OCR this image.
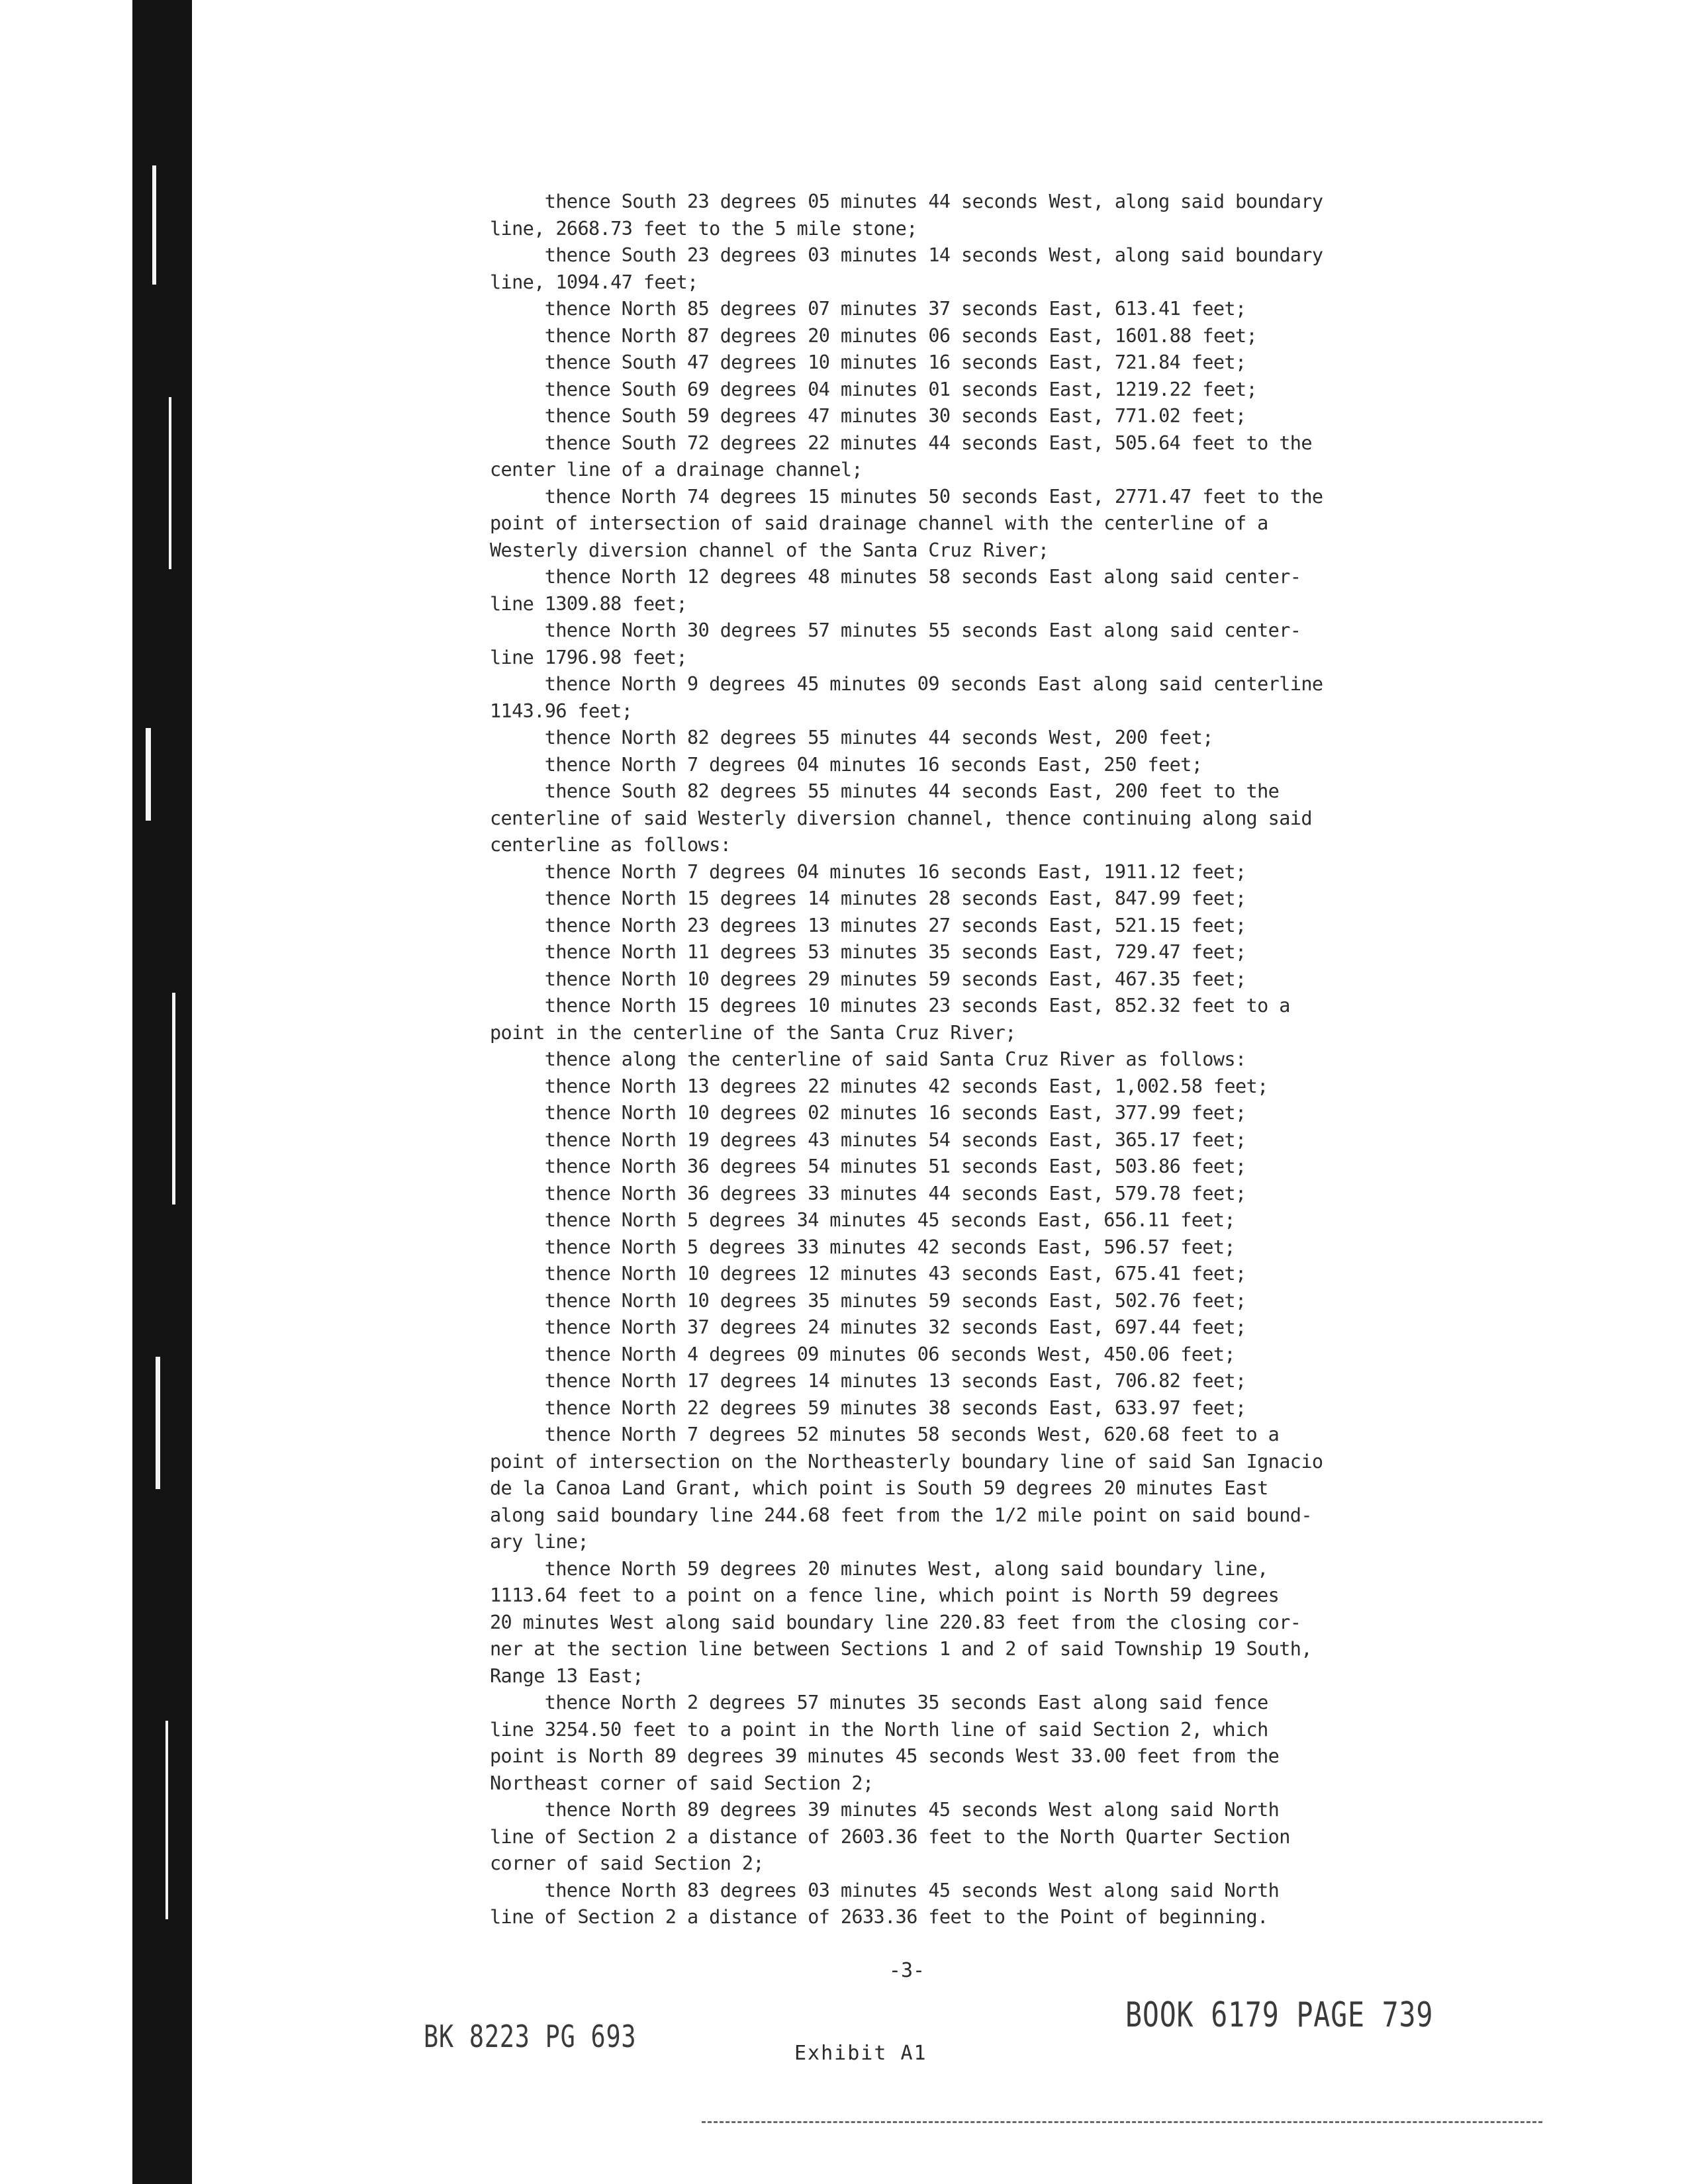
thence South 23 degrees 05 minutes 44 seconds West, along said boundary
line, 2668.73 feet to the 5 mile stone;
thence South 23 degrees 03 minutes 14 seconds West, along said boundary
line, 1094.47 feet;
thence North 85 degrees 07 minutes 37 seconds East, 613.41 feet;
thence North 87 degrees 20 minutes 06 seconds East, 1601.88 feet;
thence South 47 degrees 10 minutes 16 seconds East, 721.84 feet;
thence South 69 degrees 04 minutes 01 seconds East, 1219.22 feet;
thence South 59 degrees 47 minutes 30 seconds East, 771.02 feet;
thence South 72 degrees 22 minutes 44 seconds East, 505.64 feet to the
center line of a drainage channel;
thence North 74 degrees 15 minutes 50 seconds East, 2771.47 feet to the
point of intersection of said drainage channel with the centerline of a
Westerly diversion channel of the Santa Cruz River;
thence North 12 degrees 48 minutes 58 seconds East along said center-
line 1309.88 feet;
thence North 30 degrees 57 minutes 55 seconds East along said center-
line 1796.98 feet;
thence North 9 degrees 45 minutes 09 seconds East along said centerline
1143.96 feet;
thence North 82 degrees 55 minutes 44 seconds West, 200 feet;
thence North 7 degrees 04 minutes 16 seconds East, 250 feet;
thence South 82 degrees 55 minutes 44 seconds East, 200 feet to the
centerline of said Westerly diversion channel, thence continuing along said
centerline as follows:
thence North 7 degrees 04 minutes 16 seconds East, 1911.12 feet;
thence North 15 degrees 14 minutes 28 seconds East, 847.99 feet;
thence North 23 degrees 13 minutes 27 seconds East, 521.15 feet;
thence North 11 degrees 53 minutes 35 seconds East, 729.47 feet;
thence North 10 degrees 29 minutes 59 seconds East, 467.35 feet;
thence North 15 degrees 10 minutes 23 seconds East, 852.32 feet to a
point in the centerline of the Santa Cruz River;
thence along the centerline of said Santa Cruz River as follows:
thence North 13 degrees 22 minutes 42 seconds East, 1,002.58 feet;
thence North 10 degrees 02 minutes 16 seconds East, 377.99 feet;
thence North 19 degrees 43 minutes 54 seconds East, 365.17 feet;
thence North 36 degrees 54 minutes 51 seconds East, 503.86 feet;
thence North 36 degrees 33 minutes 44 seconds East, 579.78 feet;
thence North 5 degrees 34 minutes 45 seconds East, 656.11 feet;
thence North 5 degrees 33 minutes 42 seconds East, 596.57 feet;
thence North 10 degrees 12 minutes 43 seconds East, 675.41 feet;
thence North 10 degrees 35 minutes 59 seconds East, 502.76 feet;
thence North 37 degrees 24 minutes 32 seconds East, 697.44 feet;
thence North 4 degrees 09 minutes 06 seconds West, 450.06 feet;
thence North 17 degrees 14 minutes 13 seconds East, 706.82 feet;
thence North 22 degrees 59 minutes 38 seconds East, 633.97 feet;
thence North 7 degrees 52 minutes 58 seconds West, 620.68 feet to a
point of intersection on the Northeasterly boundary line of said San Ignacio
de la Canoa Land Grant, which point is South 59 degrees 20 minutes East
along said boundary line 244.68 feet from the 1/2 mile point on said bound-
ary line;
thence North 59 degrees 20 minutes West, along said boundary line,
1113.64 feet to a point on a fence line, which point is North 59 degrees
20 minutes West along said boundary line 220.83 feet from the closing cor-
ner at the section line between Sections 1 and 2 of said Township 19 South,
Range 13 East;
thence North 2 degrees 57 minutes 35 seconds East along said fence
line 3254.50 feet to a point in the North line of said Section 2, which
point is North 89 degrees 39 minutes 45 seconds West 33.00 feet from the
Northeast corner of said Section 2;
thence North 89 degrees 39 minutes 45 seconds West along said North
line of Section 2 a distance of 2603.36 feet to the North Quarter Section
corner of said Section 2;
thence North 83 degrees 03 minutes 45 seconds West along said North
line of Section 2 a distance of 2633.36 feet to the Point of beginning.
-3-
BK 8223 PG 693
BOOK 6179 PAGE 739
Exhibit A1
